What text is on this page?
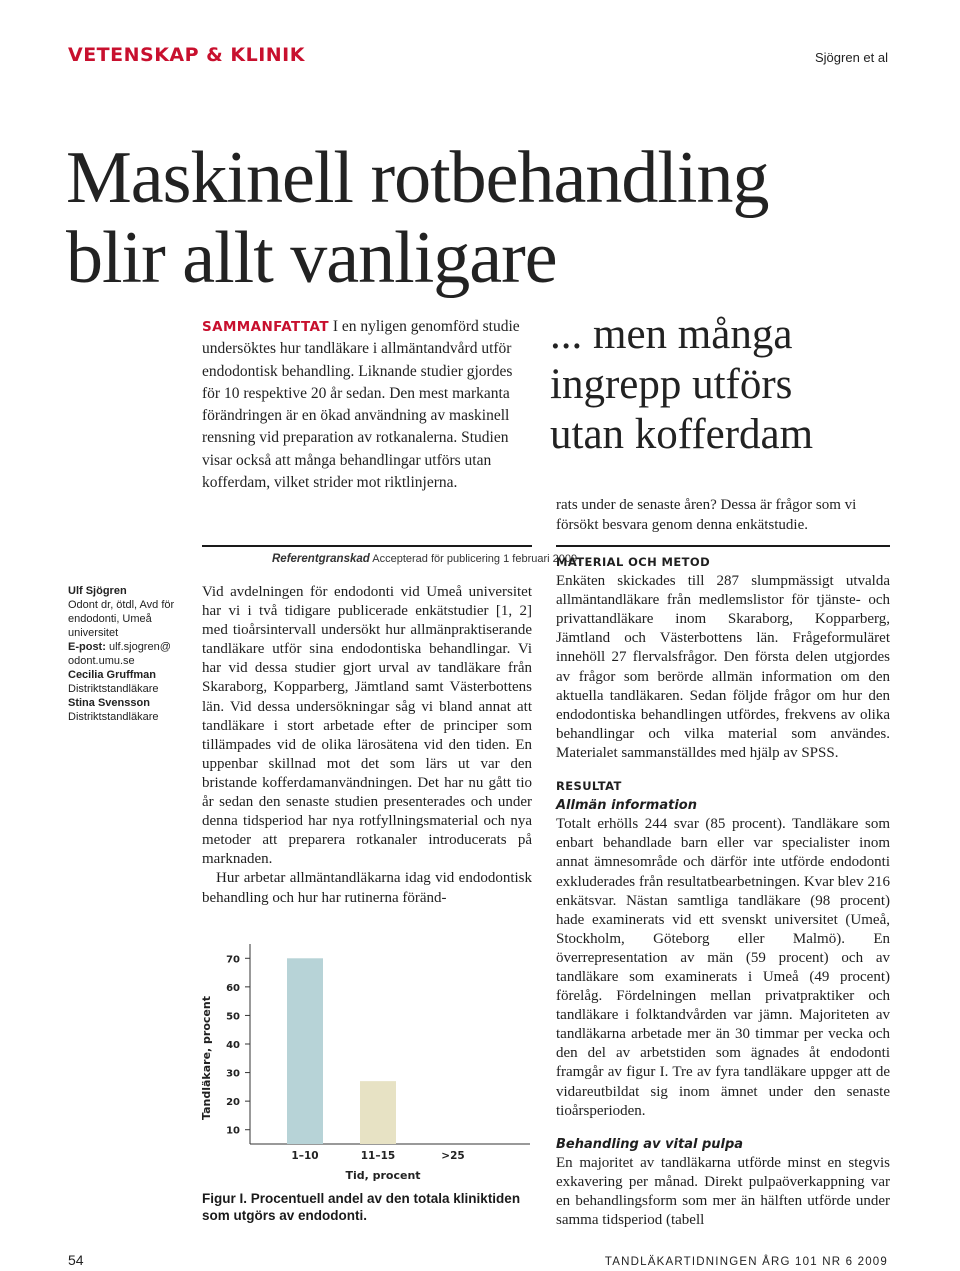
VETENSKAP & KLINIK	Sjögren et al
Maskinell rotbehandling
blir allt vanligare
SAMMANFATTAT I en nyligen genomförd studie undersöktes hur tandläkare i allmäntandvård utför endodontisk behandling. Liknande studier gjordes för 10 respektive 20 år sedan. Den mest markanta förändringen är en ökad användning av maskinell rensning vid preparation av rotkanalerna. Studien visar också att många behandlingar utförs utan kofferdam, vilket strider mot riktlinjerna.
... men många
ingrepp utförs
utan kofferdam
rats under de senaste åren? Dessa är frågor som vi försökt besvara genom denna enkätstudie.
Referentgranskad Accepterad för publicering 1 februari 2009
Ulf Sjögren
Odont dr, ötdl, Avd för endodonti, Umeå universitet
E-post: ulf.sjogren@ odont.umu.se
Cecilia Gruffman
Distriktstandläkare
Stina Svensson
Distriktstandläkare

Vid avdelningen för endodonti vid Umeå universitet har vi i två tidigare publicerade enkätstudier [1, 2] med tioårsintervall undersökt hur allmänpraktiserande tandläkare utför sina endodontiska behandlingar. Vi har vid dessa studier gjort urval av tandläkare från Skaraborg, Kopparberg, Jämtland samt Västerbottens län. Vid dessa undersökningar såg vi bland annat att tandläkare i stort arbetade efter de principer som tillämpades vid de olika lärosätena vid den tiden. En uppenbar skillnad mot det som lärs ut var den bristande kofferdamanvändningen. Det har nu gått tio år sedan den senaste studien presenterades och under denna tidsperiod har nya rotfyllningsmaterial och nya metoder att preparera rotkanaler introducerats på marknaden.

Hur arbetar allmäntandläkarna idag vid endodontisk behandling och hur har rutinerna föränd-

MATERIAL OCH METOD

Enkäten skickades till 287 slumpmässigt utvalda allmäntandläkare från medlemslistor för tjänste- och privattandläkare inom Skaraborg, Kopparberg, Jämtland och Västerbottens län. Frågeformuläret innehöll 27 flervalsfrågor. Den första delen utgjordes av frågor som berörde allmän information om den aktuella tandläkaren. Sedan följde frågor om hur den endodontiska behandlingen utfördes, frekvens av olika behandlingar och vilka material som användes. Materialet sammanställdes med hjälp av SPSS.

RESULTAT
Allmän information

Totalt erhölls 244 svar (85 procent). Tandläkare som enbart behandlade barn eller var specialister inom annat ämnesområde och därför inte utförde endodonti exkluderades från resultatbearbetningen. Kvar blev 216 enkätsvar. Nästan samtliga tandläkare (98 procent) hade examinerats vid ett svenskt universitet (Umeå, Stockholm, Göteborg eller Malmö). En överrepresentation av män (59 procent) och av tandläkare som examinerats i Umeå (49 procent) förelåg. Fördelningen mellan privatpraktiker och tandläkare i folktandvården var jämn. Majoriteten av tandläkarna arbetade mer än 30 timmar per vecka och den del av arbetstiden som ägnades åt endodonti framgår av figur I. Tre av fyra tandläkare uppger att de vidareutbildat sig inom ämnet under den senaste tioårsperioden.

Behandling av vital pulpa

En majoritet av tandläkarna utförde minst en stegvis exkavering per månad. Direkt pulpaöverkappning var en behandlingsform som mer än hälften utförde under samma tidsperiod (tabell

Tandläkare, procent
10
20
30
40
50
60
70
1–10	11–15	>25
Tid, procent
Figur I. Procentuell andel av den totala kliniktiden som utgörs av endodonti.
54	TANDLÄKARTIDNINGEN ÅRG 101 NR 6 2009
